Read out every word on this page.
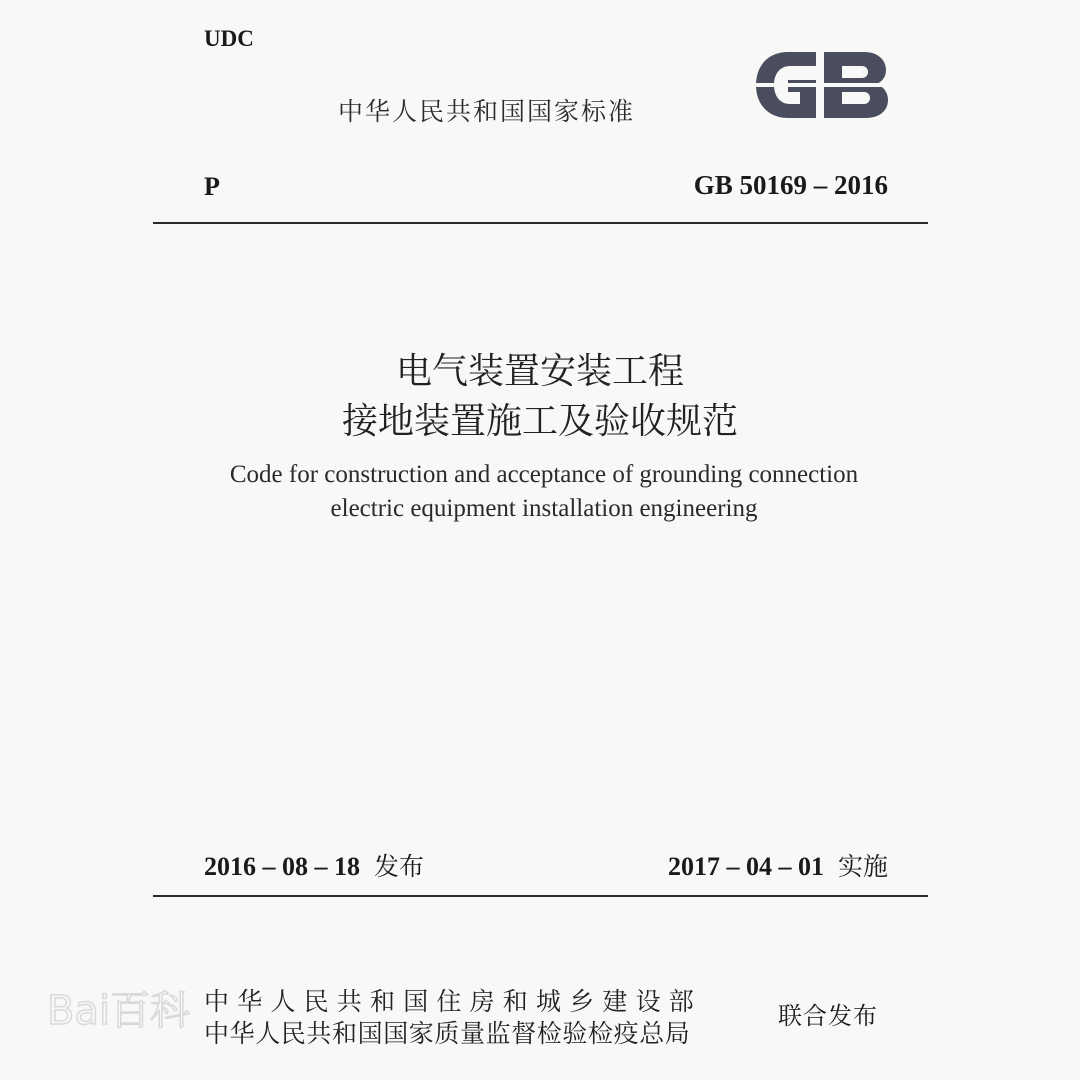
UDC
中华人民共和国国家标准
P	GB 50169 – 2016
电气装置安装工程
接地装置施工及验收规范
Code for construction and acceptance of grounding connection
electric equipment installation engineering
2016 – 08 – 18 发布	2017 – 04 – 01 实施
中华人民共和国住房和城乡建设部
中华人民共和国国家质量监督检验检疫总局
联合发布
Bai百科
